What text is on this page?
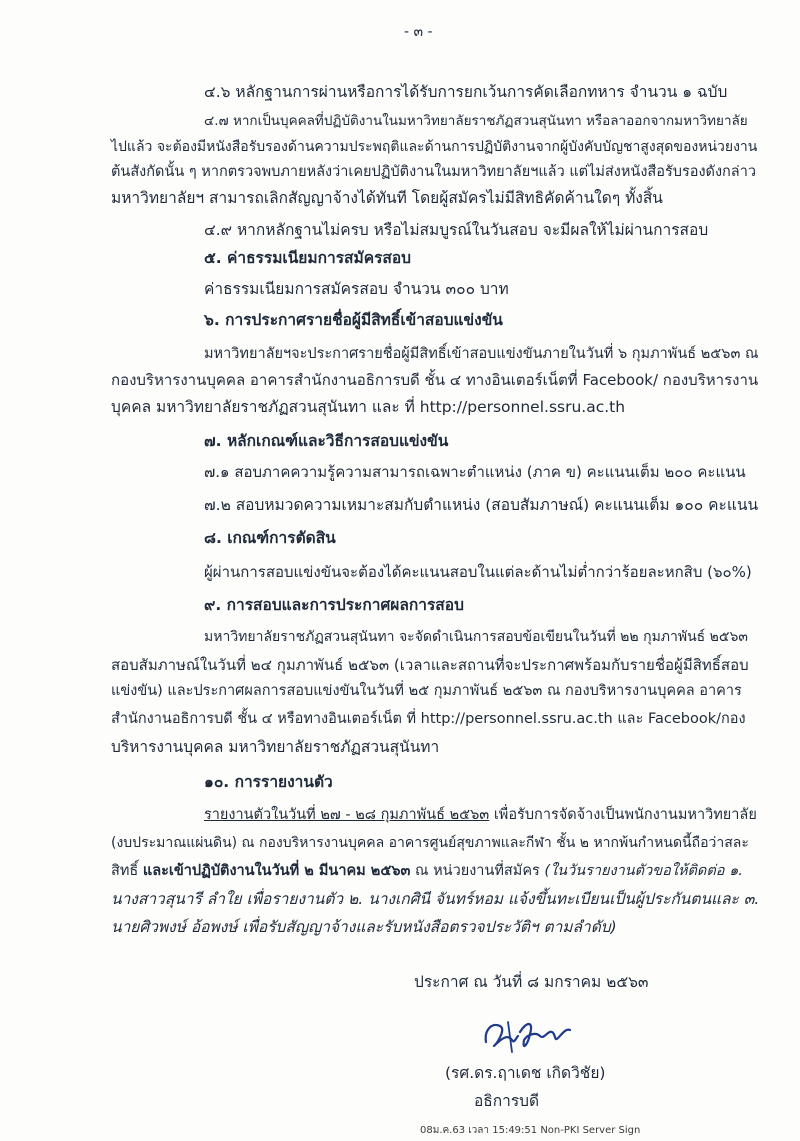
- ๓ -
๔.๖ หลักฐานการผ่านหรือการได้รับการยกเว้นการคัดเลือกทหาร จำนวน ๑ ฉบับ
๔.๗ หากเป็นบุคคลที่ปฏิบัติงานในมหาวิทยาลัยราชภัฏสวนสุนันทา หรือลาออกจากมหาวิทยาลัย
ไปแล้ว จะต้องมีหนังสือรับรองด้านความประพฤติและด้านการปฏิบัติงานจากผู้บังคับบัญชาสูงสุดของหน่วยงาน
ต้นสังกัดนั้น ๆ หากตรวจพบภายหลังว่าเคยปฏิบัติงานในมหาวิทยาลัยฯแล้ว แต่ไม่ส่งหนังสือรับรองดังกล่าว
มหาวิทยาลัยฯ สามารถเลิกสัญญาจ้างได้ทันที โดยผู้สมัครไม่มีสิทธิคัดค้านใดๆ ทั้งสิ้น
๔.๙ หากหลักฐานไม่ครบ หรือไม่สมบูรณ์ในวันสอบ จะมีผลให้ไม่ผ่านการสอบ
๕. ค่าธรรมเนียมการสมัครสอบ
ค่าธรรมเนียมการสมัครสอบ จำนวน ๓๐๐ บาท
๖. การประกาศรายชื่อผู้มีสิทธิ์เข้าสอบแข่งขัน
มหาวิทยาลัยฯจะประกาศรายชื่อผู้มีสิทธิ์เข้าสอบแข่งขันภายในวันที่ ๖ กุมภาพันธ์ ๒๕๖๓ ณ
กองบริหารงานบุคคล อาคารสำนักงานอธิการบดี ชั้น ๔ ทางอินเตอร์เน็ตที่ Facebook/ กองบริหารงาน
บุคคล มหาวิทยาลัยราชภัฏสวนสุนันทา และ ที่ http://personnel.ssru.ac.th
๗. หลักเกณฑ์และวิธีการสอบแข่งขัน
๗.๑ สอบภาคความรู้ความสามารถเฉพาะตำแหน่ง (ภาค ข) คะแนนเต็ม ๒๐๐ คะแนน
๗.๒ สอบหมวดความเหมาะสมกับตำแหน่ง (สอบสัมภาษณ์) คะแนนเต็ม ๑๐๐ คะแนน
๘. เกณฑ์การตัดสิน
ผู้ผ่านการสอบแข่งขันจะต้องได้คะแนนสอบในแต่ละด้านไม่ต่ำกว่าร้อยละหกสิบ (๖๐%)
๙. การสอบและการประกาศผลการสอบ
มหาวิทยาลัยราชภัฏสวนสุนันทา จะจัดดำเนินการสอบข้อเขียนในวันที่ ๒๒ กุมภาพันธ์ ๒๕๖๓
สอบสัมภาษณ์ในวันที่ ๒๔ กุมภาพันธ์ ๒๕๖๓ (เวลาและสถานที่จะประกาศพร้อมกับรายชื่อผู้มีสิทธิ์สอบ
แข่งขัน) และประกาศผลการสอบแข่งขันในวันที่ ๒๕ กุมภาพันธ์ ๒๕๖๓ ณ กองบริหารงานบุคคล อาคาร
สำนักงานอธิการบดี ชั้น ๔ หรือทางอินเตอร์เน็ต ที่ http://personnel.ssru.ac.th และ Facebook/กอง
บริหารงานบุคคล มหาวิทยาลัยราชภัฏสวนสุนันทา
๑๐. การรายงานตัว
รายงานตัวในวันที่ ๒๗ - ๒๘ กุมภาพันธ์ ๒๕๖๓ เพื่อรับการจัดจ้างเป็นพนักงานมหาวิทยาลัย
(งบประมาณแผ่นดิน) ณ กองบริหารงานบุคคล อาคารศูนย์สุขภาพและกีฬา ชั้น ๒ หากพ้นกำหนดนี้ถือว่าสละ
สิทธิ์ และเข้าปฏิบัติงานในวันที่ ๒ มีนาคม ๒๕๖๓ ณ หน่วยงานที่สมัคร (ในวันรายงานตัวขอให้ติดต่อ ๑.
นางสาวสุนารี ลำใย เพื่อรายงานตัว ๒. นางเกศินี จันทร์หอม แจ้งขึ้นทะเบียนเป็นผู้ประกันตนและ ๓.
นายศิวพงษ์ อ้อพงษ์ เพื่อรับสัญญาจ้างและรับหนังสือตรวจประวัติฯ ตามลำดับ)
ประกาศ ณ วันที่ ๘ มกราคม ๒๕๖๓
(รศ.ดร.ฤาเดช เกิดวิชัย)
อธิการบดี
08ม.ค.63 เวลา 15:49:51 Non-PKI Server Sign
